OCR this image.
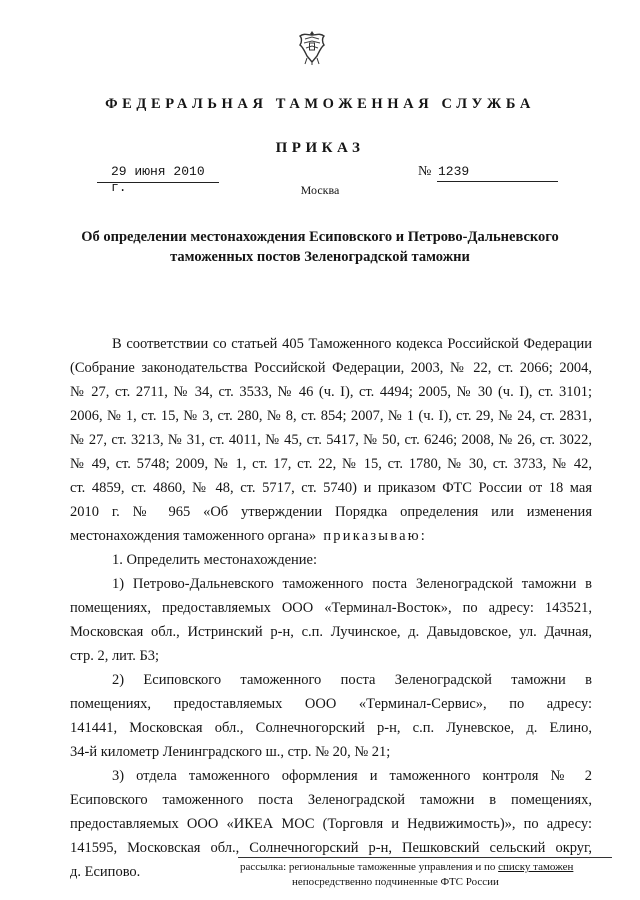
ФЕДЕРАЛЬНАЯ ТАМОЖЕННАЯ СЛУЖБА
ПРИКАЗ
29 июня 2010 г.
№ 1239
Москва
Об определении местонахождения Есиповского и Петрово-Дальневского
таможенных постов Зеленоградской таможни
В соответствии со статьей 405 Таможенного кодекса Российской Федерации
(Собрание законодательства Российской Федерации, 2003, № 22, ст. 2066; 2004,
№ 27, ст. 2711, № 34, ст. 3533, № 46 (ч. I), ст. 4494; 2005, № 30 (ч. I), ст. 3101;
2006, № 1, ст. 15, № 3, ст. 280, № 8, ст. 854; 2007, № 1 (ч. I), ст. 29, № 24, ст. 2831,
№ 27, ст. 3213, № 31, ст. 4011, № 45, ст. 5417, № 50, ст. 6246; 2008, № 26, ст. 3022,
№ 49, ст. 5748; 2009, № 1, ст. 17, ст. 22, № 15, ст. 1780, № 30, ст. 3733, № 42,
ст. 4859, ст. 4860, № 48, ст. 5717, ст. 5740) и приказом ФТС России от 18 мая
2010 г. № 965 «Об утверждении Порядка определения или изменения
местонахождения таможенного органа» приказываю:
1. Определить местонахождение:
1) Петрово-Дальневского таможенного поста Зеленоградской таможни в
помещениях, предоставляемых ООО «Терминал-Восток», по адресу: 143521,
Московская обл., Истринский р-н, с.п. Лучинское, д. Давыдовское, ул. Дачная,
стр. 2, лит. Б3;
2) Есиповского таможенного поста Зеленоградской таможни в
помещениях, предоставляемых ООО «Терминал-Сервис», по адресу:
141441, Московская обл., Солнечногорский р-н, с.п. Луневское, д. Елино,
34-й километр Ленинградского ш., стр. № 20, № 21;
3) отдела таможенного оформления и таможенного контроля № 2
Есиповского таможенного поста Зеленоградской таможни в помещениях,
предоставляемых ООО «ИКЕА МОС (Торговля и Недвижимость)», по адресу:
141595, Московская обл., Солнечногорский р-н, Пешковский сельский округ,
д. Есипово.	рассылка: региональные таможенные управления и по списку таможен
непосредственно подчиненные ФТС России
